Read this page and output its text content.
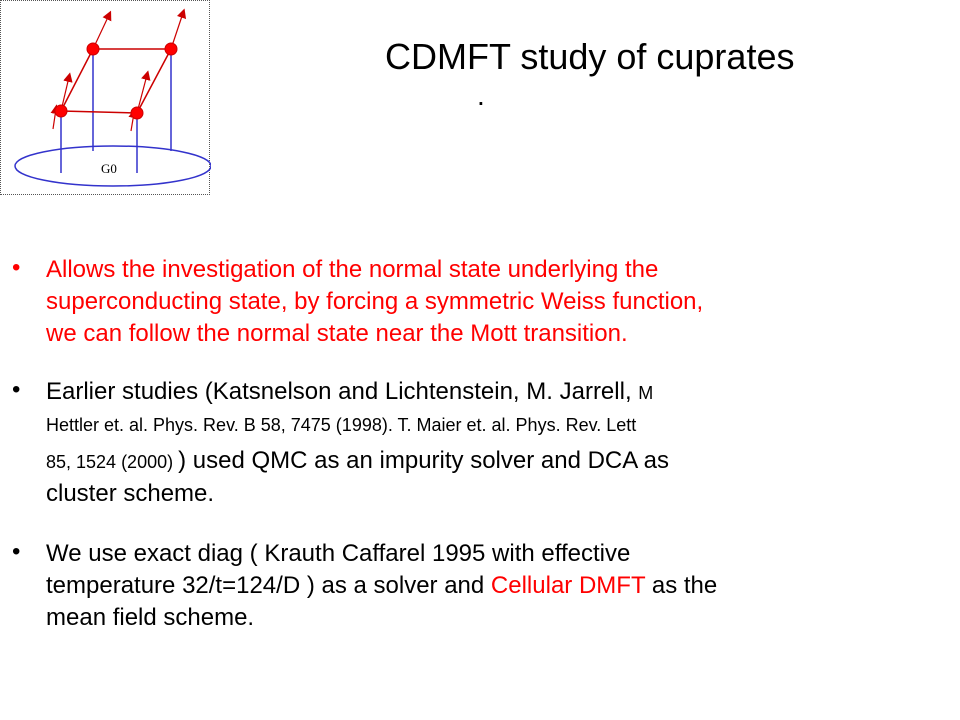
G0
CDMFT study of cuprates
.
• Allows the investigation of the normal state underlying the
superconducting state, by forcing a symmetric Weiss function,
we can follow the normal state near the Mott transition.

• Earlier studies (Katsnelson and Lichtenstein, M. Jarrell, M
Hettler et. al. Phys. Rev. B 58, 7475 (1998). T. Maier et. al. Phys. Rev. Lett
85, 1524 (2000) ) used QMC as an impurity solver and DCA as
cluster scheme.

• We use exact diag ( Krauth Caffarel 1995 with effective
temperature 32/t=124/D ) as a solver and Cellular DMFT as the
mean field scheme.
